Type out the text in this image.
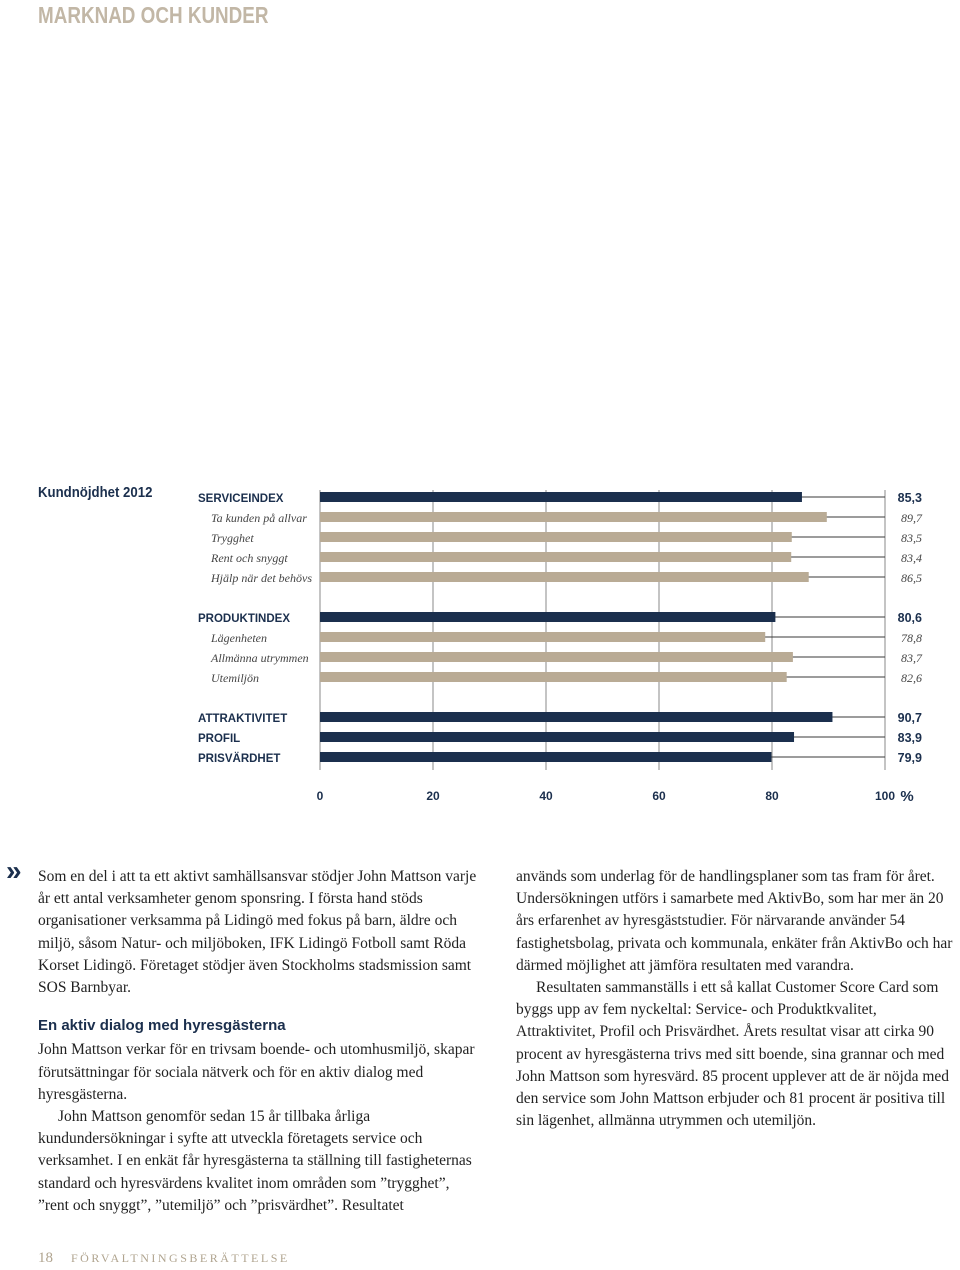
MARKNAD OCH KUNDER
Kundnöjdhet 2012	SERVICEINDEX	85,3
Ta kunden på allvar	89,7
Trygghet	83,5
Rent och snyggt	83,4
Hjälp när det behövs	86,5
PRODUKTINDEX	80,6
Lägenheten	78,8
Allmänna utrymmen	83,7
Utemiljön	82,6
ATTRAKTIVITET	90,7
PROFIL	83,9
PRISVÄRDHET	79,9
0	20	40	60	80	100 %
» Som en del i att ta ett aktivt samhällsansvar stödjer John Mattson varje år ett antal verksamheter genom sponsring. I första hand stöds organisationer verksamma på Lidingö med fokus på barn, äldre och miljö, såsom Natur- och miljöboken, IFK Lidingö Fotboll samt Röda Korset Lidingö. Företaget stödjer även Stockholms stadsmission samt SOS Barnbyar.

En aktiv dialog med hyresgästerna

John Mattson verkar för en trivsam boende- och utomhusmiljö, skapar förutsättningar för sociala nätverk och för en aktiv dialog med hyresgästerna.

John Mattson genomför sedan 15 år tillbaka årliga kundundersökningar i syfte att utveckla företagets service och verksamhet. I en enkät får hyresgästerna ta ställning till fastigheternas standard och hyresvärdens kvalitet inom områden som ”trygghet”, ”rent och snyggt”, ”utemiljö” och ”prisvärdhet”. Resultatet

används som underlag för de handlingsplaner som tas fram för året. Undersökningen utförs i samarbete med AktivBo, som har mer än 20 års erfarenhet av hyresgäststudier. För närvarande använder 54 fastighetsbolag, privata och kommunala, enkäter från AktivBo och har därmed möjlighet att jämföra resultaten med varandra.

Resultaten sammanställs i ett så kallat Customer Score Card som byggs upp av fem nyckeltal: Service- och Produktkvalitet, Attraktivitet, Profil och Prisvärdhet. Årets resultat visar att cirka 90 procent av hyresgästerna trivs med sitt boende, sina grannar och med John Mattson som hyresvärd. 85 procent upplever att de är nöjda med den service som John Mattson erbjuder och 81 procent är positiva till sin lägenhet, allmänna utrymmen och utemiljön.

18 FÖRVALTNINGSBERÄTTELSE
